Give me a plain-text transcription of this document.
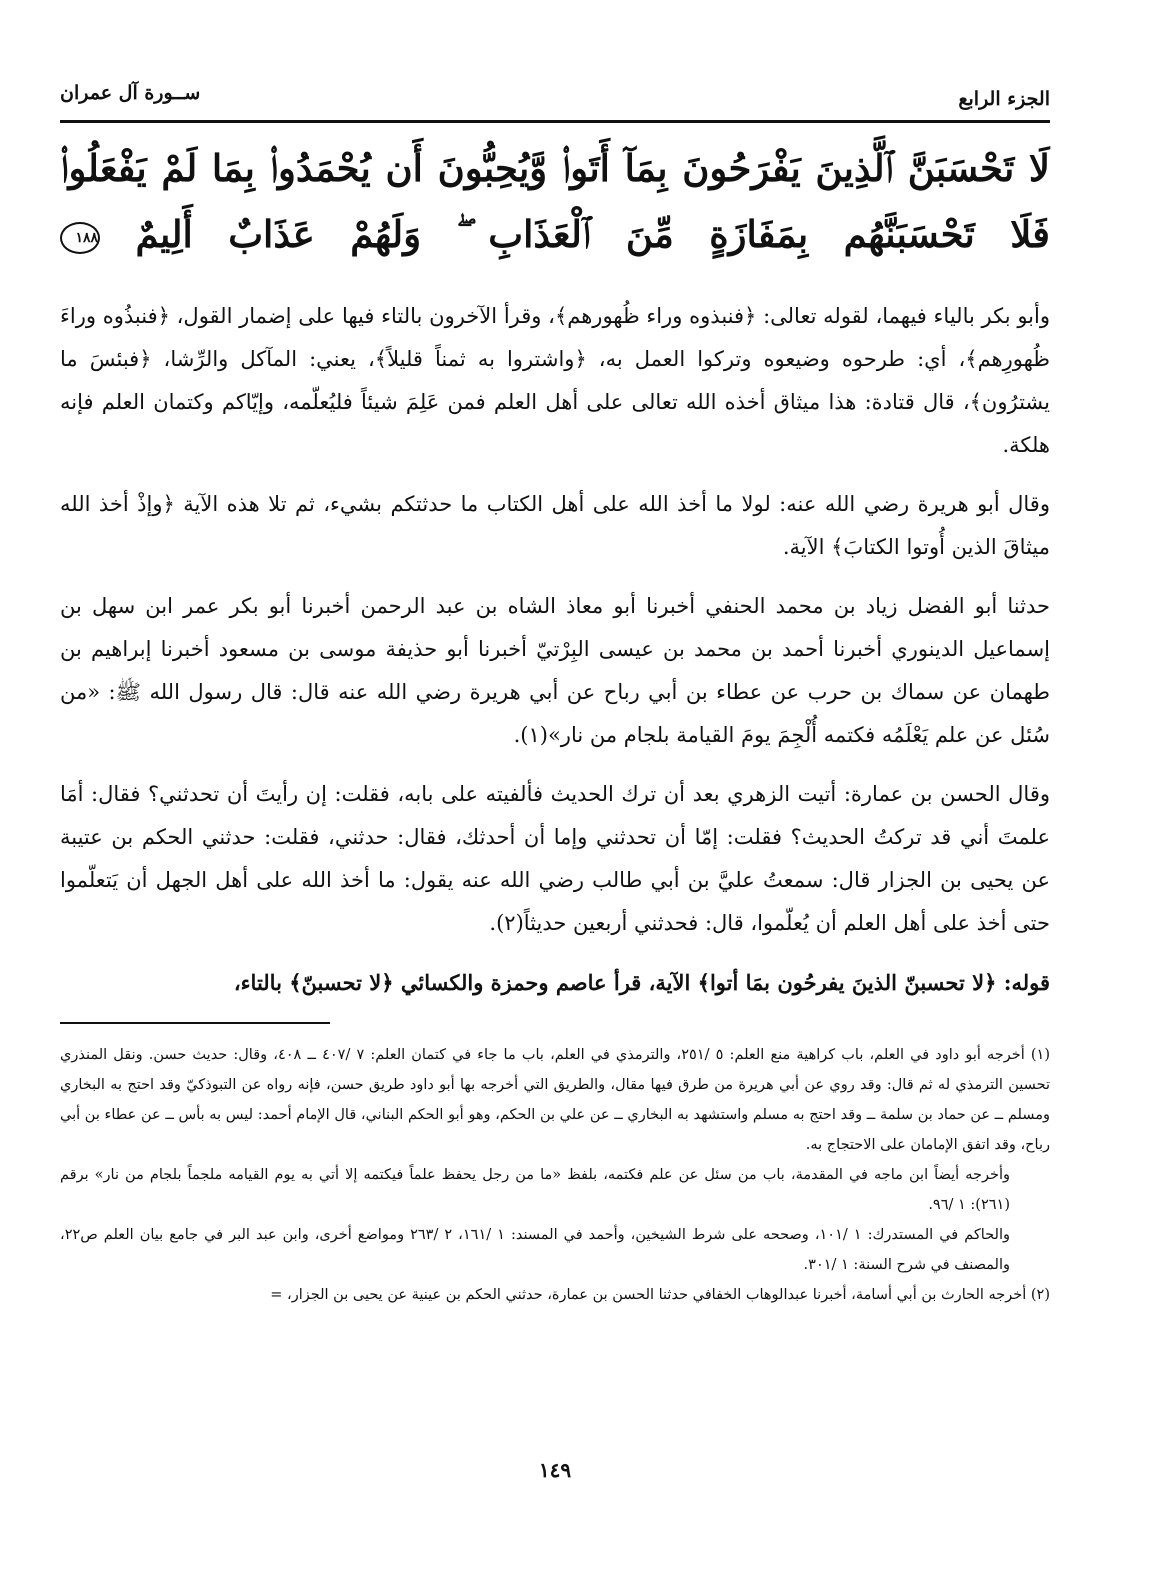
الجزء الرابع
ســورة آل عمران
لَا تَحْسَبَنَّ ٱلَّذِينَ يَفْرَحُونَ بِمَآ أَتَوا۟ وَّيُحِبُّونَ أَن يُحْمَدُوا۟ بِمَا لَمْ يَفْعَلُوا۟ فَلَا تَحْسَبَنَّهُم بِمَفَازَةٍ مِّنَ ٱلْعَذَابِ ۖ وَلَهُمْ عَذَابٌ أَلِيمٌ ١٨٨

وأبو بكر بالياء فيهما، لقوله تعالى: ﴿فنبذوه وراء ظُهورهم﴾، وقرأ الآخرون بالتاء فيها على إضمار القول، ﴿فنبذُوه وراءَ ظُهورِهم﴾، أي: طرحوه وضيعوه وتركوا العمل به، ﴿واشتروا به ثمناً قليلاً﴾، يعني: المآكل والرِّشا، ﴿فبئسَ ما يشترُون﴾، قال قتادة: هذا ميثاق أخذه الله تعالى على أهل العلم فمن عَلِمَ شيئاً فليُعلّمه، وإيّاكم وكتمان العلم فإنه هلكة.

وقال أبو هريرة رضي الله عنه: لولا ما أخذ الله على أهل الكتاب ما حدثتكم بشيء، ثم تلا هذه الآية ﴿وإذْ أخذ الله ميثاقَ الذين أُوتوا الكتابَ﴾ الآية.

حدثنا أبو الفضل زياد بن محمد الحنفي أخبرنا أبو معاذ الشاه بن عبد الرحمن أخبرنا أبو بكر عمر ابن سهل بن إسماعيل الدينوري أخبرنا أحمد بن محمد بن عيسى البِرْتيّ أخبرنا أبو حذيفة موسى بن مسعود أخبرنا إبراهيم بن طهمان عن سماك بن حرب عن عطاء بن أبي رباح عن أبي هريرة رضي الله عنه قال: قال رسول الله ﷺ: «من سُئل عن علم يَعْلَمُه فكتمه أُلْجِمَ يومَ القيامة بلجام من نار»(١).

وقال الحسن بن عمارة: أتيت الزهري بعد أن ترك الحديث فألفيته على بابه، فقلت: إن رأيتَ أن تحدثني؟ فقال: أمَا علمتَ أني قد تركتُ الحديث؟ فقلت: إمّا أن تحدثني وإما أن أحدثك، فقال: حدثني، فقلت: حدثني الحكم بن عتيبة عن يحيى بن الجزار قال: سمعتُ عليَّ بن أبي طالب رضي الله عنه يقول: ما أخذ الله على أهل الجهل أن يَتعلّموا حتى أخذ على أهل العلم أن يُعلّموا، قال: فحدثني أربعين حديثاً(٢).

قوله: ﴿لا تحسبنّ الذينَ يفرحُون بمَا أتوا﴾ الآية، قرأ عاصم وحمزة والكسائي ﴿لا تحسبنّ﴾ بالتاء،

(١) أخرجه أبو داود في العلم، باب كراهية منع العلم: ٥ /٢٥١، والترمذي في العلم، باب ما جاء في كتمان العلم: ٧ /٤٠٧ ــ ٤٠٨، وقال: حديث حسن. ونقل المنذري تحسين الترمذي له ثم قال: وقد روي عن أبي هريرة من طرق فيها مقال، والطريق التي أخرجه بها أبو داود طريق حسن، فإنه رواه عن التبوذكيّ وقد احتج به البخاري ومسلم ــ عن حماد بن سلمة ــ وقد احتج به مسلم واستشهد به البخاري ــ عن علي بن الحكم، وهو أبو الحكم البناني، قال الإمام أحمد: ليس به بأس ــ عن عطاء بن أبي رباح، وقد اتفق الإمامان على الاحتجاج به.

وأخرجه أيضاً ابن ماجه في المقدمة، باب من سئل عن علم فكتمه، بلفظ «ما من رجل يحفظ علماً فيكتمه إلا أتي به يوم القيامه ملجماً بلجام من نار» برقم (٢٦١): ١ /٩٦.

والحاكم في المستدرك: ١ /١٠١، وصححه على شرط الشيخين، وأحمد في المسند: ١ /١٦١، ٢ /٢٦٣ ومواضع أخرى، وابن عبد البر في جامع بيان العلم ص٢٢، والمصنف في شرح السنة: ١ /٣٠١.

(٢) أخرجه الحارث بن أبي أسامة، أخبرنا عبدالوهاب الخفافي حدثنا الحسن بن عمارة، حدثني الحكم بن عينية عن يحيى بن الجزار، =

١٤٩
